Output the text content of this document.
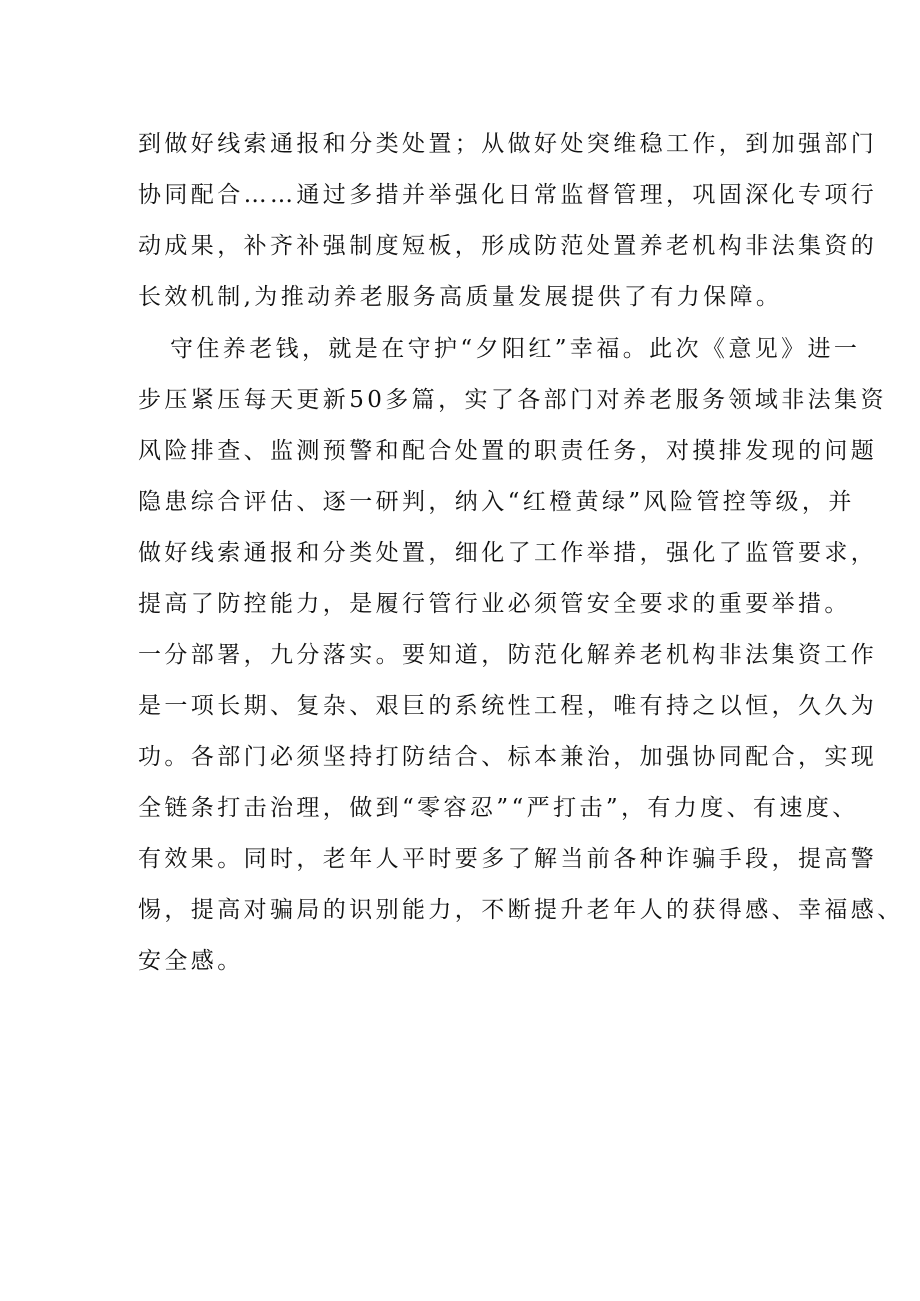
到做好线索通报和分类处置；从做好处突维稳工作，到加强部门
协同配合……通过多措并举强化日常监督管理，巩固深化专项行
动成果，补齐补强制度短板，形成防范处置养老机构非法集资的
长效机制,为推动养老服务高质量发展提供了有力保障。
守住养老钱，就是在守护“夕阳红”幸福。此次《意见》进一
步压紧压每天更新50多篇，实了各部门对养老服务领域非法集资
风险排查、监测预警和配合处置的职责任务，对摸排发现的问题
隐患综合评估、逐一研判，纳入“红橙黄绿”风险管控等级，并
做好线索通报和分类处置，细化了工作举措，强化了监管要求，
提高了防控能力，是履行管行业必须管安全要求的重要举措。
一分部署，九分落实。要知道，防范化解养老机构非法集资工作
是一项长期、复杂、艰巨的系统性工程，唯有持之以恒，久久为
功。各部门必须坚持打防结合、标本兼治，加强协同配合，实现
全链条打击治理，做到“零容忍”“严打击”，有力度、有速度、
有效果。同时，老年人平时要多了解当前各种诈骗手段，提高警
惕，提高对骗局的识别能力，不断提升老年人的获得感、幸福感、
安全感。
